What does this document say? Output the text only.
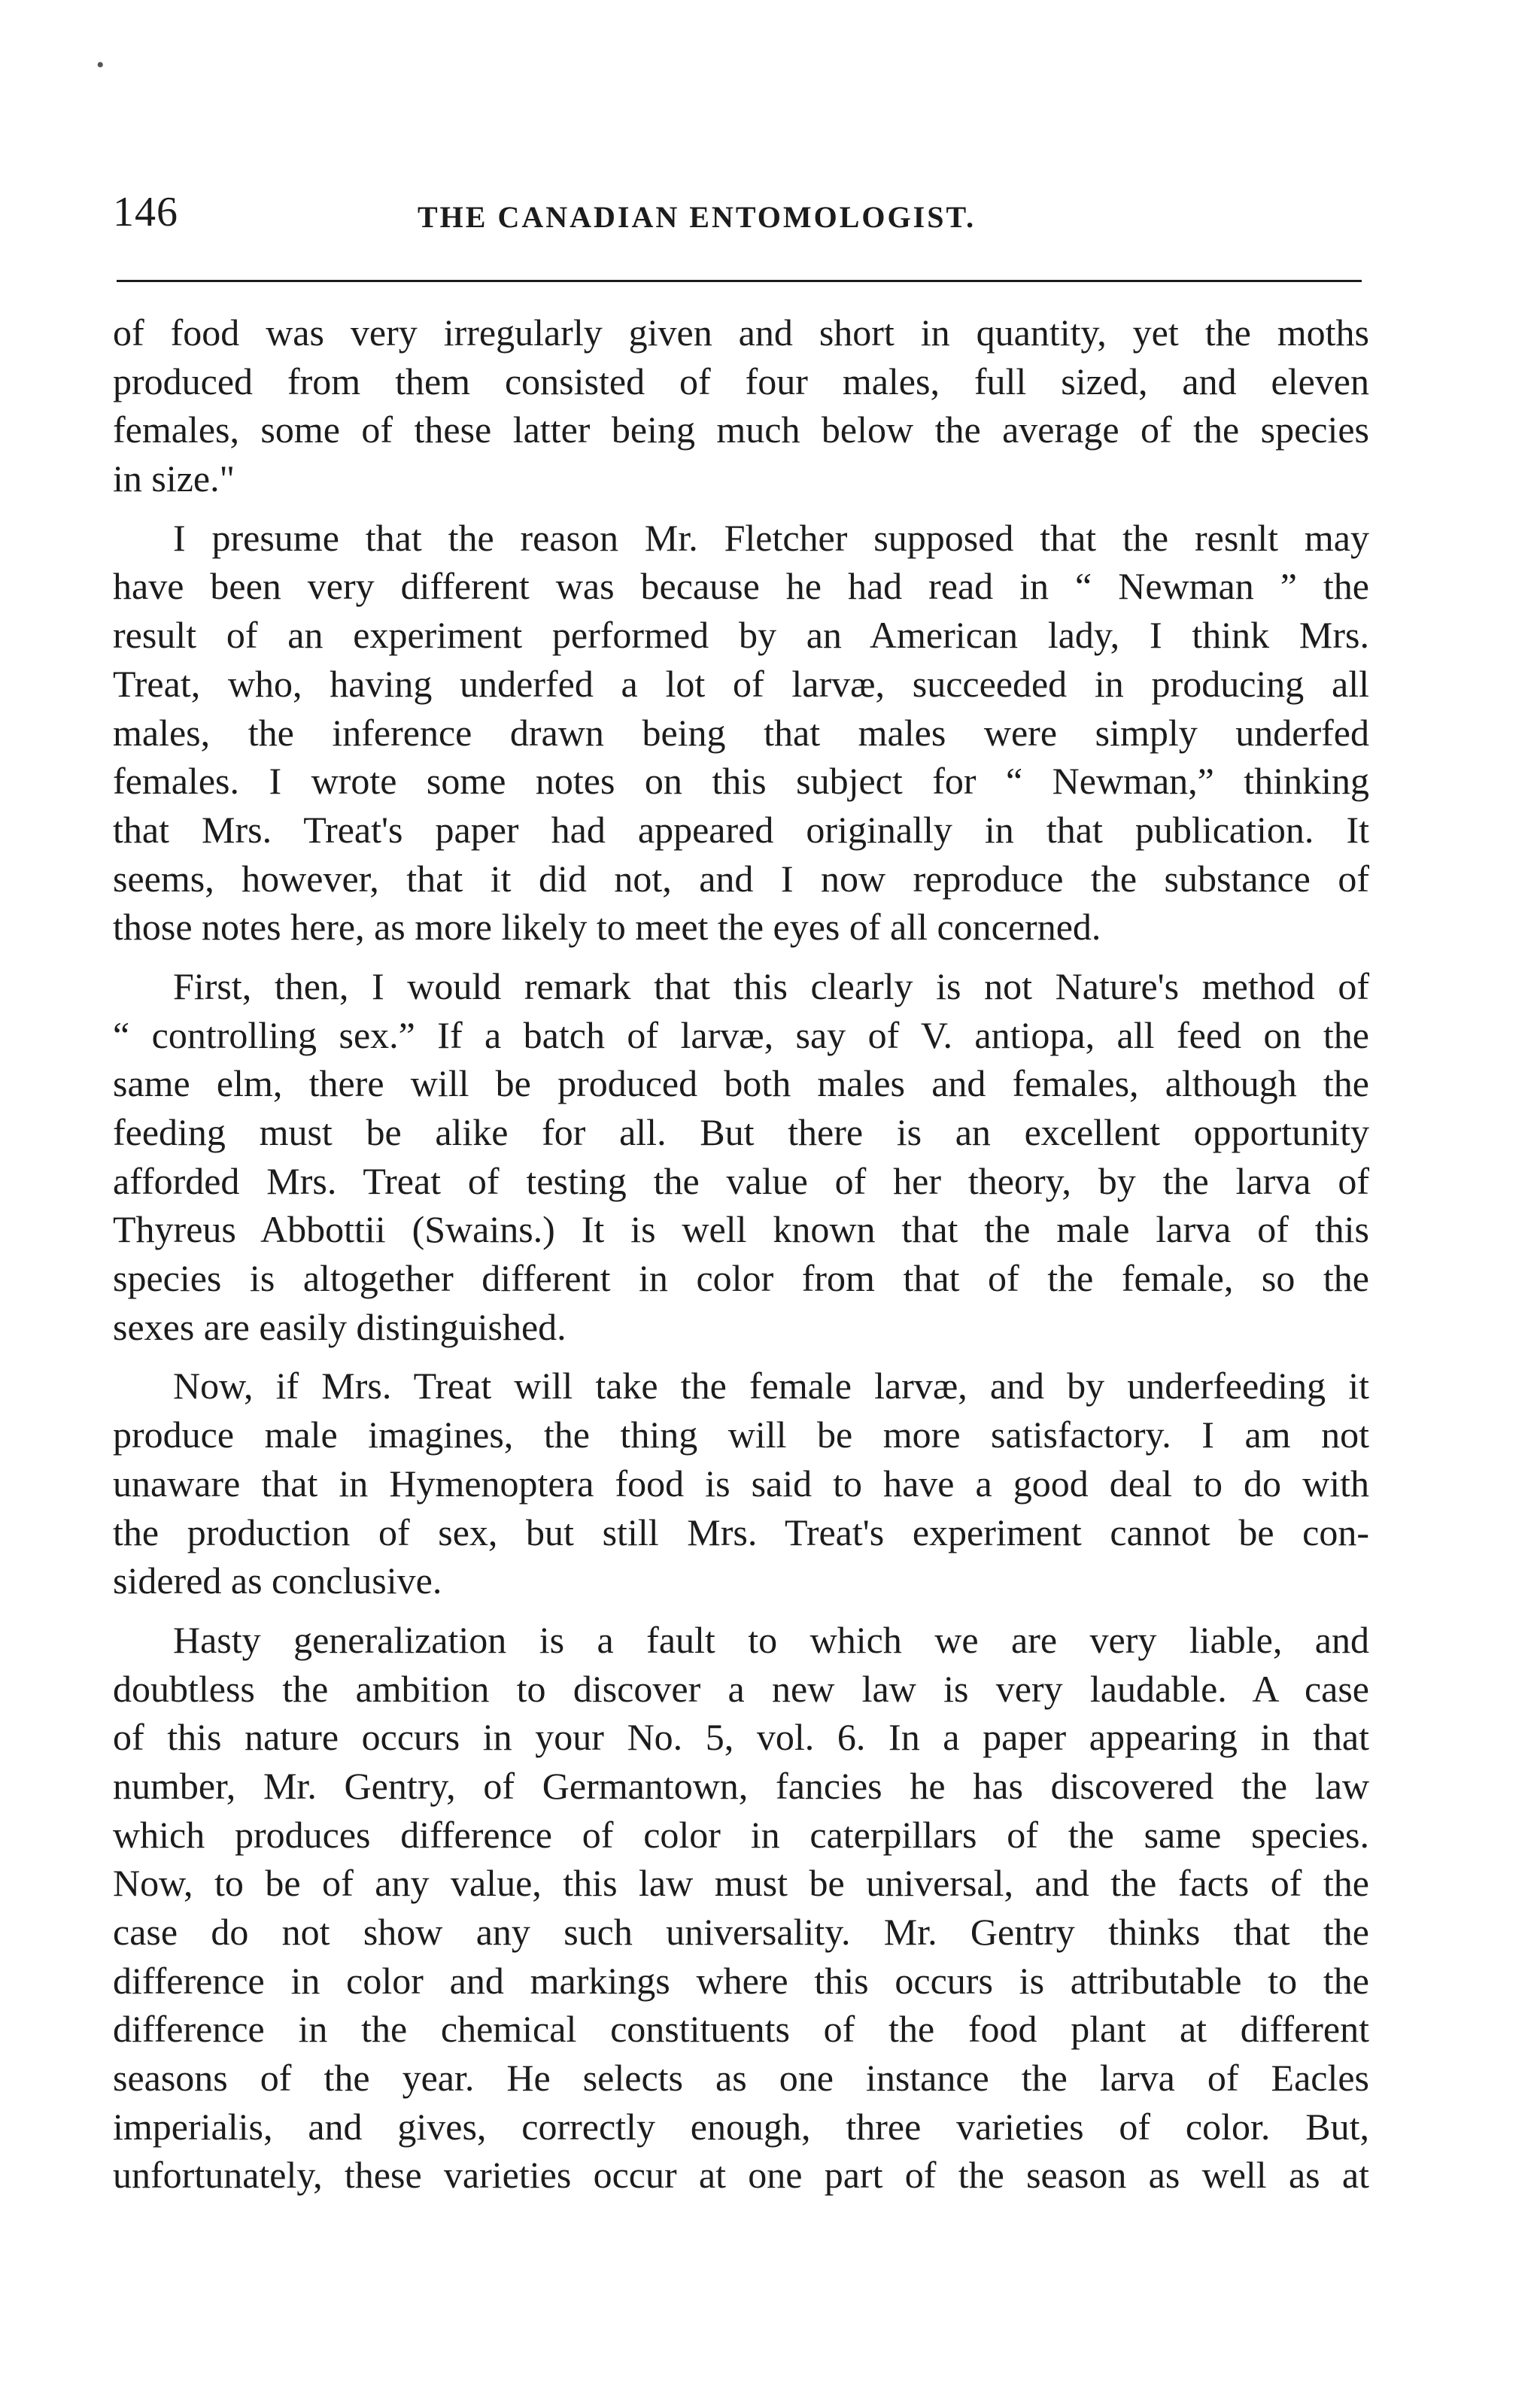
•
146	THE CANADIAN ENTOMOLOGIST.
of food was very irregularly given and short in quantity, yet the moths
produced from them consisted of four males, full sized, and eleven
females, some of these latter being much below the average of the species
in size."
I presume that the reason Mr. Fletcher supposed that the resnlt may
have been very different was because he had read in “ Newman ” the
result of an experiment performed by an American lady, I think Mrs.
Treat, who, having underfed a lot of larvæ, succeeded in producing all
males, the inference drawn being that males were simply underfed
females. I wrote some notes on this subject for “ Newman,” thinking
that Mrs. Treat's paper had appeared originally in that publication. It
seems, however, that it did not, and I now reproduce the substance of
those notes here, as more likely to meet the eyes of all concerned.
First, then, I would remark that this clearly is not Nature's method of
“ controlling sex.” If a batch of larvæ, say of V. antiopa, all feed on the
same elm, there will be produced both males and females, although the
feeding must be alike for all. But there is an excellent opportunity
afforded Mrs. Treat of testing the value of her theory, by the larva of
Thyreus Abbottii (Swains.) It is well known that the male larva of this
species is altogether different in color from that of the female, so the
sexes are easily distinguished.
Now, if Mrs. Treat will take the female larvæ, and by underfeeding it
produce male imagines, the thing will be more satisfactory. I am not
unaware that in Hymenoptera food is said to have a good deal to do with
the production of sex, but still Mrs. Treat's experiment cannot be con-
sidered as conclusive.
Hasty generalization is a fault to which we are very liable, and
doubtless the ambition to discover a new law is very laudable. A case
of this nature occurs in your No. 5, vol. 6. In a paper appearing in that
number, Mr. Gentry, of Germantown, fancies he has discovered the law
which produces difference of color in caterpillars of the same species.
Now, to be of any value, this law must be universal, and the facts of the
case do not show any such universality. Mr. Gentry thinks that the
difference in color and markings where this occurs is attributable to the
difference in the chemical constituents of the food plant at different
seasons of the year. He selects as one instance the larva of Eacles
imperialis, and gives, correctly enough, three varieties of color. But,
unfortunately, these varieties occur at one part of the season as well as at
